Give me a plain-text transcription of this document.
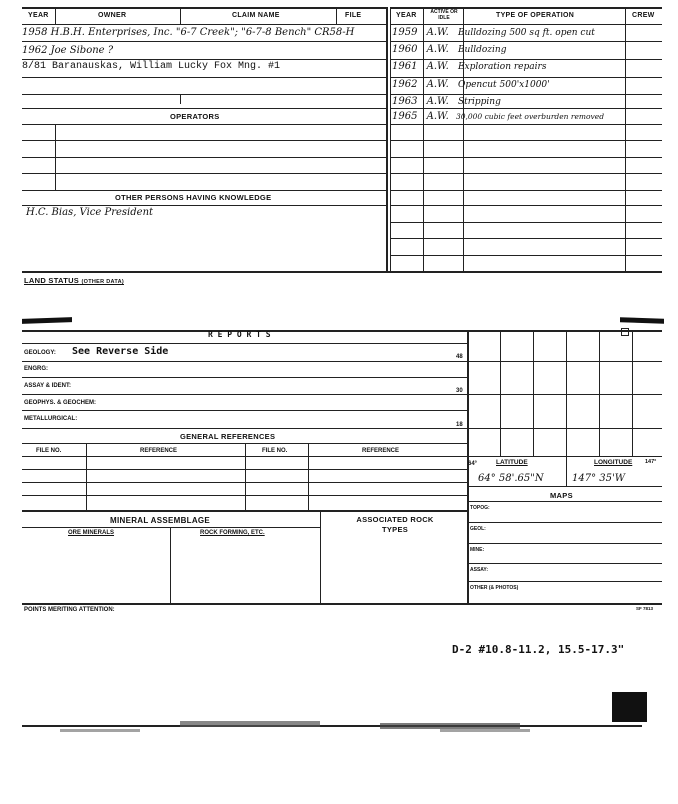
YEAR	OWNER	CLAIM NAME	FILE
1958 H.B.H. Enterprises, Inc. "6-7 Creek"; "6-7-8 Bench" CR58-H
1962 Joe Sibone ?
8/81 Baranauskas, William Lucky Fox Mng. #1
OPERATORS
OTHER PERSONS HAVING KNOWLEDGE
H.C. Bias, Vice President
YEAR	ACTIVE OR IDLE	TYPE OF OPERATION	CREW
1959 A.W. Bulldozing 500 sq ft. open cut
1960 A.W. Bulldozing
1961 A.W. Exploration repairs
1962 A.W. Opencut 500'x1000'
1963 A.W. Stripping
1965 A.W. 30,000 cubic feet overburden removed
LAND STATUS (OTHER DATA)
R E P O R T S
GEOLOGY: See Reverse Side	48
ENGRG:
ASSAY & IDENT:
30
GEOPHYS. & GEOCHEM:
METALLURGICAL:
18
GENERAL REFERENCES
FILE NO.	REFERENCE	FILE NO.	REFERENCE
MINERAL ASSEMBLAGE
ORE MINERALS	ROCK FORMING, ETC.
ASSOCIATED ROCK TYPES
64°	LATITUDE	LONGITUDE 147°
64° 58'.65"N	147° 35'W
MAPS
TOPOG:
GEOL:
MINE:
ASSAY:
OTHER (& PHOTOS)
POINTS MERITING ATTENTION:	SF 7813
D-2 #10.8-11.2, 15.5-17.3"
